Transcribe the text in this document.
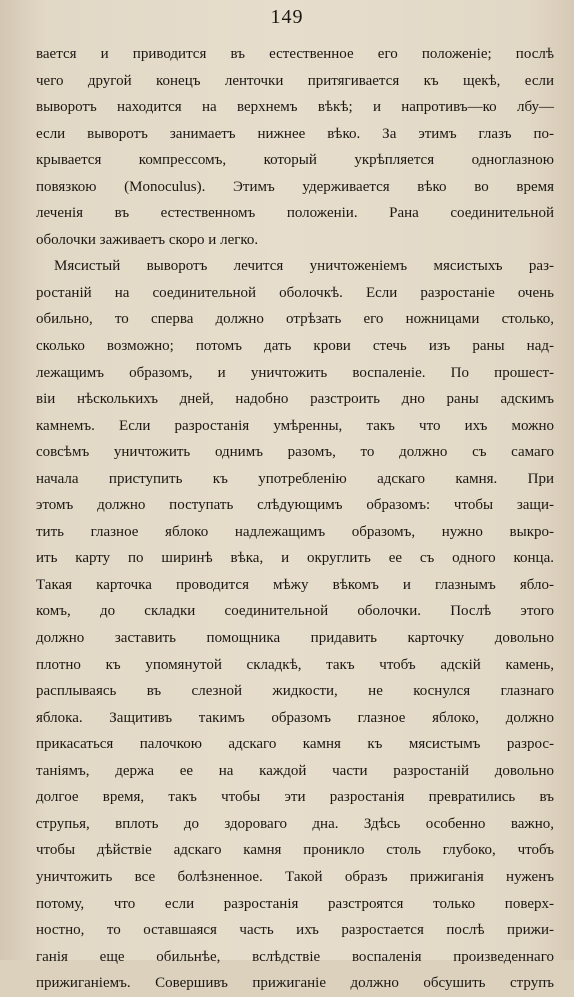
149
вается и приводится въ естественное его положенiе; послѣ
чего другой конецъ ленточки притягивается къ щекѣ, если
выворотъ находится на верхнемъ вѣкѣ; и напротивъ—ко лбу—
если выворотъ занимаетъ нижнее вѣко. За этимъ глазъ по-
крывается компрессомъ, который укрѣпляется одноглазною
повязкою (Monoculus). Этимъ удерживается вѣко во время
леченiя въ естественномъ положенiи. Рана соединительной
оболочки заживаетъ скоро и легко.
Мясистый выворотъ лечится уничтоженiемъ мясистыхъ раз-
ростанiй на соединительной оболочкѣ. Если разростанiе очень
обильно, то сперва должно отрѣзать его ножницами столько,
сколько возможно; потомъ дать крови стечь изъ раны над-
лежащимъ образомъ, и уничтожить воспаленiе. По прошест-
вiи нѣсколькихъ дней, надобно разстроить дно раны адскимъ
камнемъ. Если разростанiя умѣренны, такъ что ихъ можно
совсѣмъ уничтожить однимъ разомъ, то должно съ самаго
начала приступить къ употребленiю адскаго камня. При
этомъ должно поступать слѣдующимъ образомъ: чтобы защи-
тить глазное яблоко надлежащимъ образомъ, нужно выкро-
ить карту по ширинѣ вѣка, и округлить ее съ одного конца.
Такая карточка проводится мѣжу вѣкомъ и глазнымъ ябло-
комъ, до складки соединительной оболочки. Послѣ этого
должно заставить помощника придавить карточку довольно
плотно къ упомянутой складкѣ, такъ чтобъ адскiй камень,
расплываясь въ слезной жидкости, не коснулся глазнаго
яблока. Защитивъ такимъ образомъ глазное яблоко, должно
прикасаться палочкою адскаго камня къ мясистымъ разрос-
танiямъ, держа ее на каждой части разростанiй довольно
долгое время, такъ чтобы эти разростанiя превратились въ
струпья, вплоть до здороваго дна. Здѣсь особенно важно,
чтобы дѣйствiе адскаго камня проникло столь глубоко, чтобъ
уничтожить все болѣзненное. Такой образъ прижиганiя нуженъ
потому, что если разростанiя разстроятся только поверх-
ностно, то оставшаяся часть ихъ разростается послѣ прижи-
ганiя еще обильнѣе, вслѣдствiе воспаленiя произведеннаго
прижиганiемъ. Совершивъ прижиганiе должно обсушить струпъ
